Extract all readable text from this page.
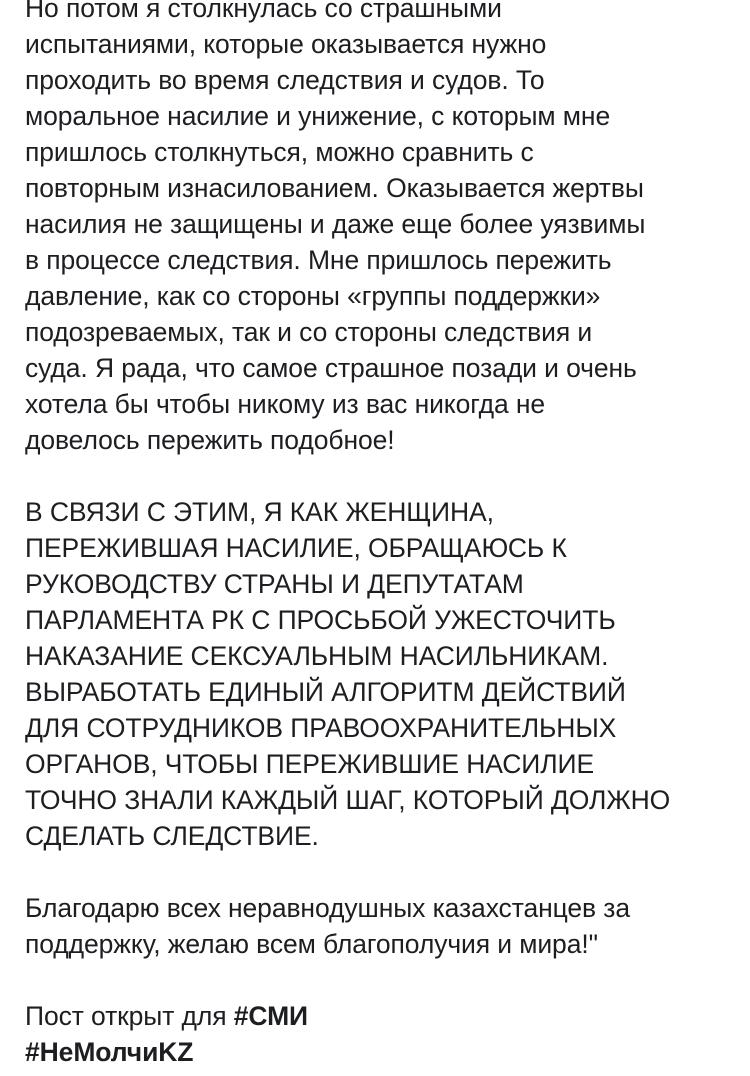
Но потом я столкнулась со страшными
испытаниями, которые оказывается нужно
проходить во время следствия и судов. То
моральное насилие и унижение, с которым мне
пришлось столкнуться, можно сравнить с
повторным изнасилованием. Оказывается жертвы
насилия не защищены и даже еще более уязвимы
в процессе следствия. Мне пришлось пережить
давление, как со стороны «группы поддержки»
подозреваемых, так и со стороны следствия и
суда. Я рада, что самое страшное позади и очень
хотела бы чтобы никому из вас никогда не
довелось пережить подобное!

В СВЯЗИ С ЭТИМ, Я КАК ЖЕНЩИНА,
ПЕРЕЖИВШАЯ НАСИЛИЕ, ОБРАЩАЮСЬ К
РУКОВОДСТВУ СТРАНЫ И ДЕПУТАТАМ
ПАРЛАМЕНТА РК С ПРОСЬБОЙ УЖЕСТОЧИТЬ
НАКАЗАНИЕ СЕКСУАЛЬНЫМ НАСИЛЬНИКАМ.
ВЫРАБОТАТЬ ЕДИНЫЙ АЛГОРИТМ ДЕЙСТВИЙ
ДЛЯ СОТРУДНИКОВ ПРАВООХРАНИТЕЛЬНЫХ
ОРГАНОВ, ЧТОБЫ ПЕРЕЖИВШИЕ НАСИЛИЕ
ТОЧНО ЗНАЛИ КАЖДЫЙ ШАГ, КОТОРЫЙ ДОЛЖНО
СДЕЛАТЬ СЛЕДСТВИЕ.

Благодарю всех неравнодушных казахстанцев за
поддержку, желаю всем благополучия и мира!"

Пост открыт для #СМИ
#НеМолчиKZ
